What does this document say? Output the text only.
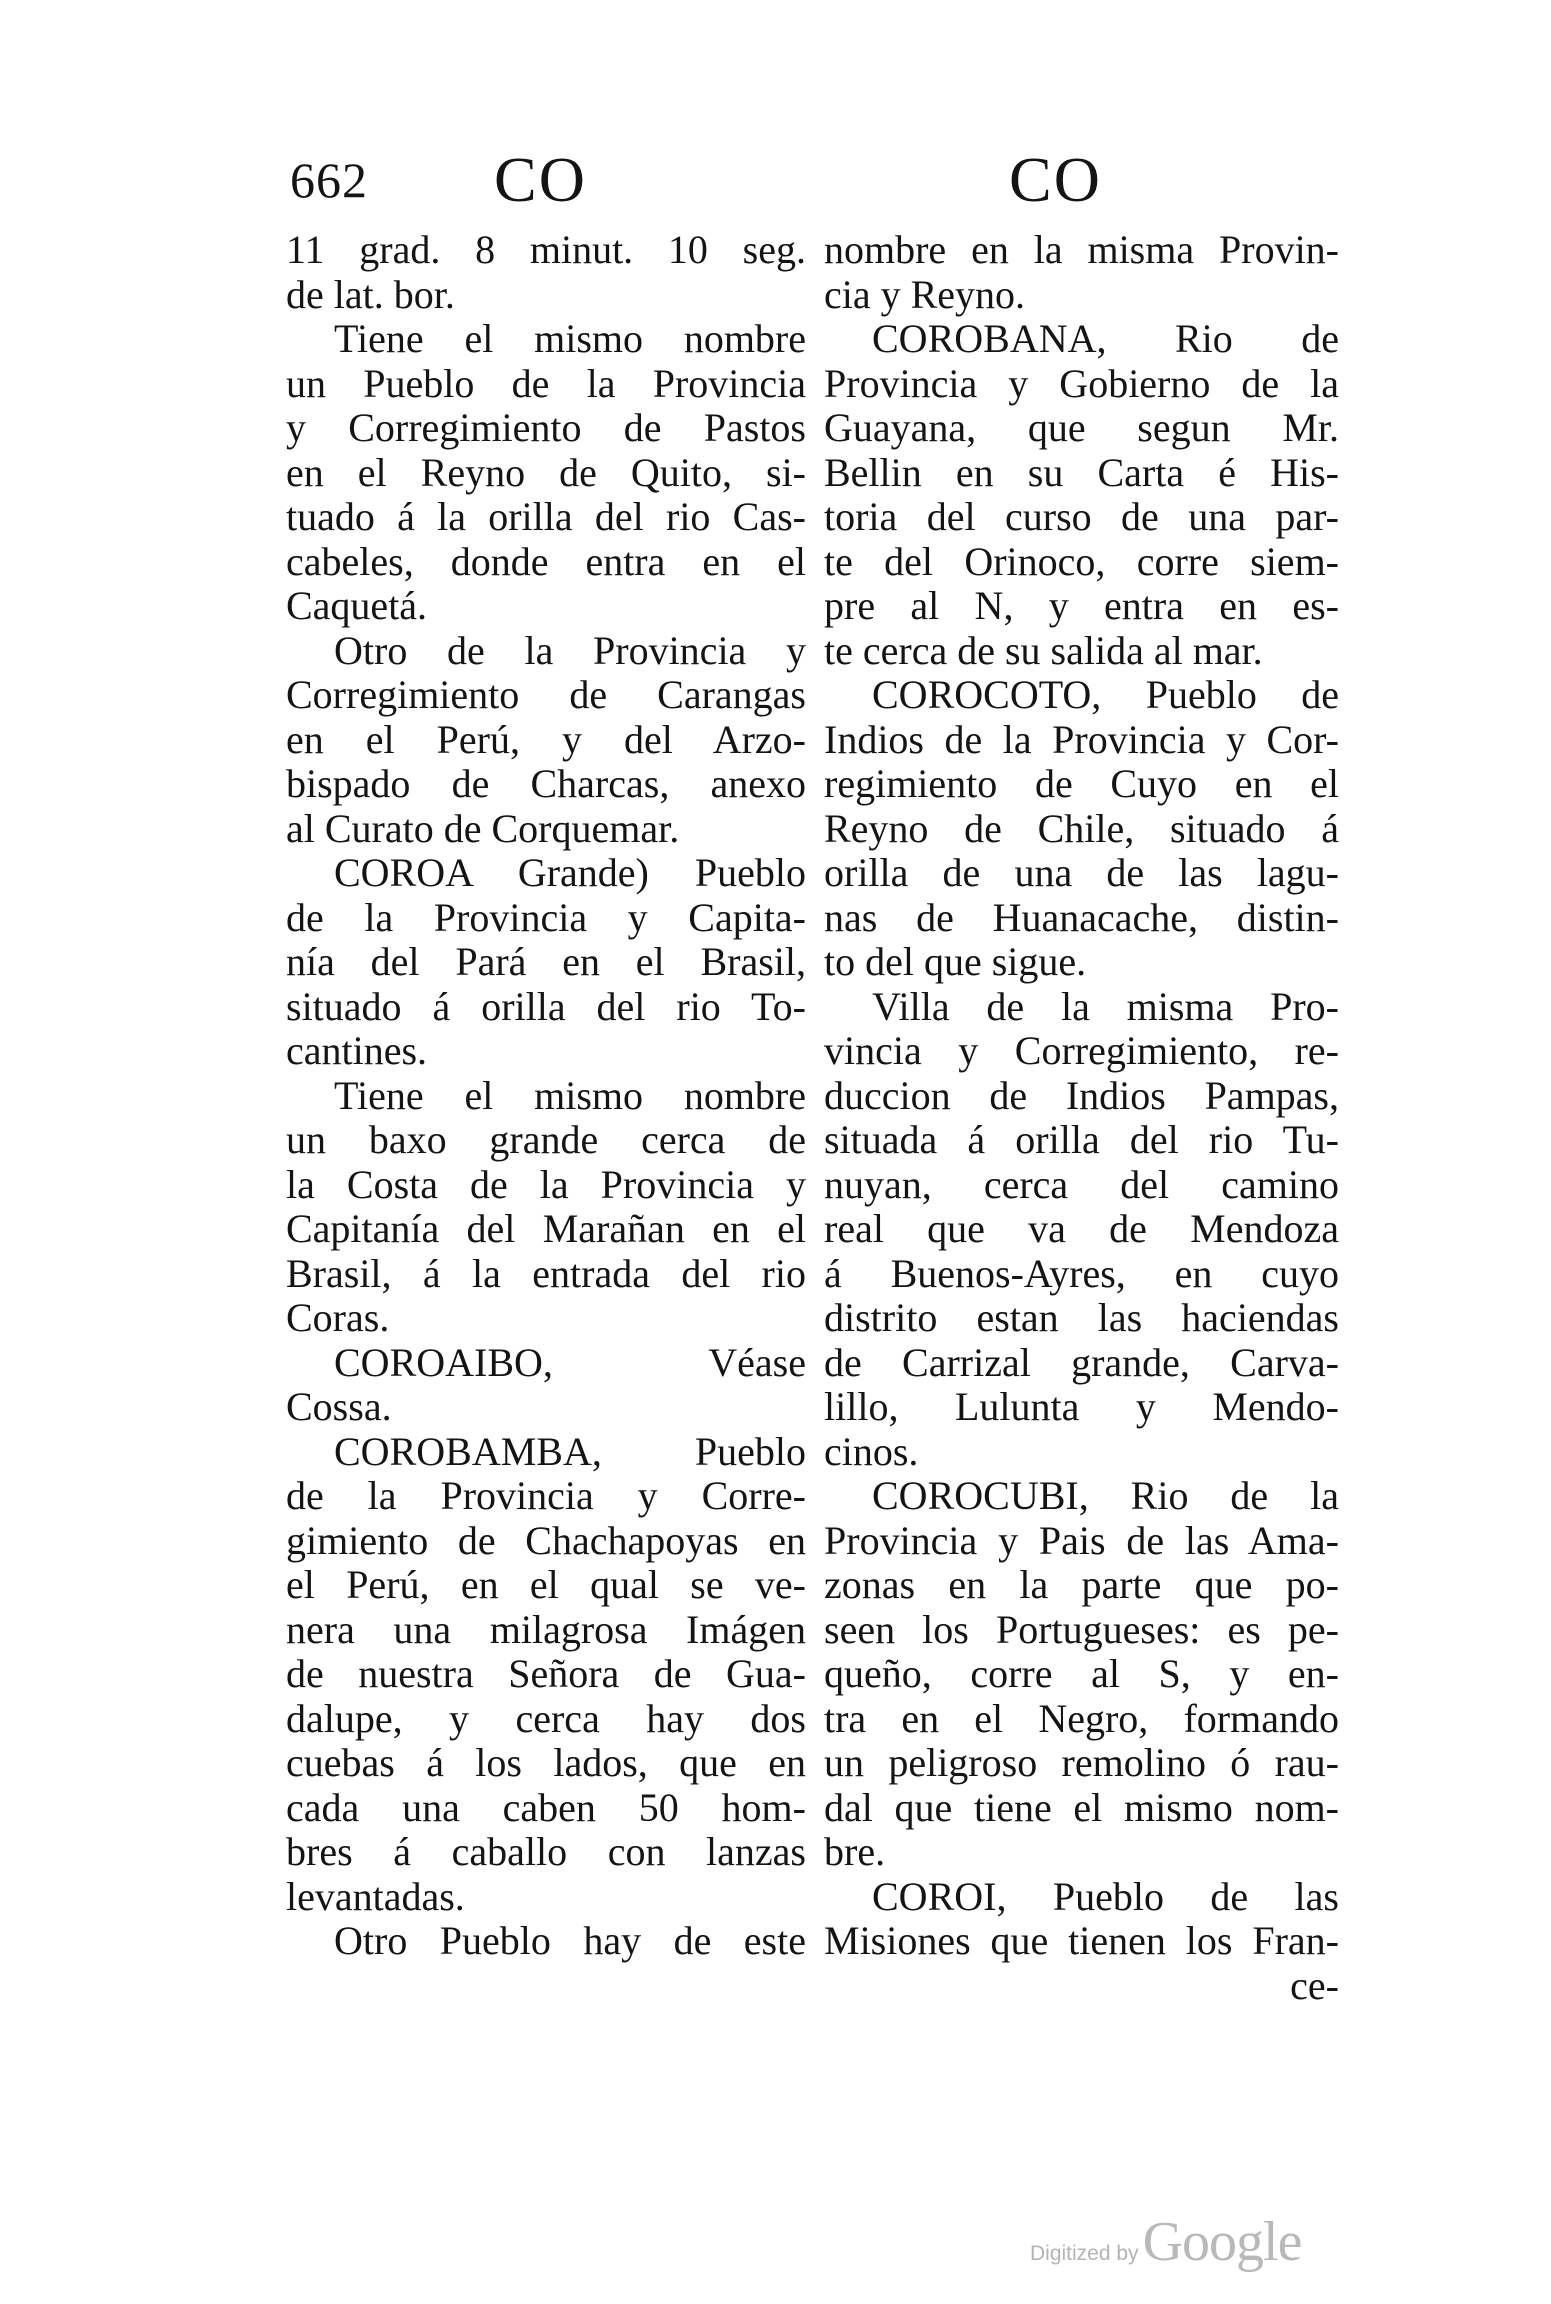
662 CO	CO
11 grad. 8 minut. 10 seg.
de lat. bor.
Tiene el mismo nombre
un Pueblo de la Provincia
y Corregimiento de Pastos
en el Reyno de Quito, si-
tuado á la orilla del rio Cas-
cabeles, donde entra en el
Caquetá.
Otro de la Provincia y
Corregimiento de Carangas
en el Perú, y del Arzo-
bispado de Charcas, anexo
al Curato de Corquemar.
COROA Grande) Pueblo
de la Provincia y Capita-
nía del Pará en el Brasil,
situado á orilla del rio To-
cantines.
Tiene el mismo nombre
un baxo grande cerca de
la Costa de la Provincia y
Capitanía del Marañan en el
Brasil, á la entrada del rio
Coras.
COROAIBO, Véase
Cossa.
COROBAMBA, Pueblo
de la Provincia y Corre-
gimiento de Chachapoyas en
el Perú, en el qual se ve-
nera una milagrosa Imágen
de nuestra Señora de Gua-
dalupe, y cerca hay dos
cuebas á los lados, que en
cada una caben 50 hom-
bres á caballo con lanzas
levantadas.
Otro Pueblo hay de este
nombre en la misma Provin-
cia y Reyno.
COROBANA, Rio de
Provincia y Gobierno de la
Guayana, que segun Mr.
Bellin en su Carta é His-
toria del curso de una par-
te del Orinoco, corre siem-
pre al N, y entra en es-
te cerca de su salida al mar.
COROCOTO, Pueblo de
Indios de la Provincia y Cor-
regimiento de Cuyo en el
Reyno de Chile, situado á
orilla de una de las lagu-
nas de Huanacache, distin-
to del que sigue.
Villa de la misma Pro-
vincia y Corregimiento, re-
duccion de Indios Pampas,
situada á orilla del rio Tu-
nuyan, cerca del camino
real que va de Mendoza
á Buenos-Ayres, en cuyo
distrito estan las haciendas
de Carrizal grande, Carva-
lillo, Lulunta y Mendo-
cinos.
COROCUBI, Rio de la
Provincia y Pais de las Ama-
zonas en la parte que po-
seen los Portugueses: es pe-
queño, corre al S, y en-
tra en el Negro, formando
un peligroso remolino ó rau-
dal que tiene el mismo nom-
bre.
COROI, Pueblo de las
Misiones que tienen los Fran-
ce-
Digitized by Google
